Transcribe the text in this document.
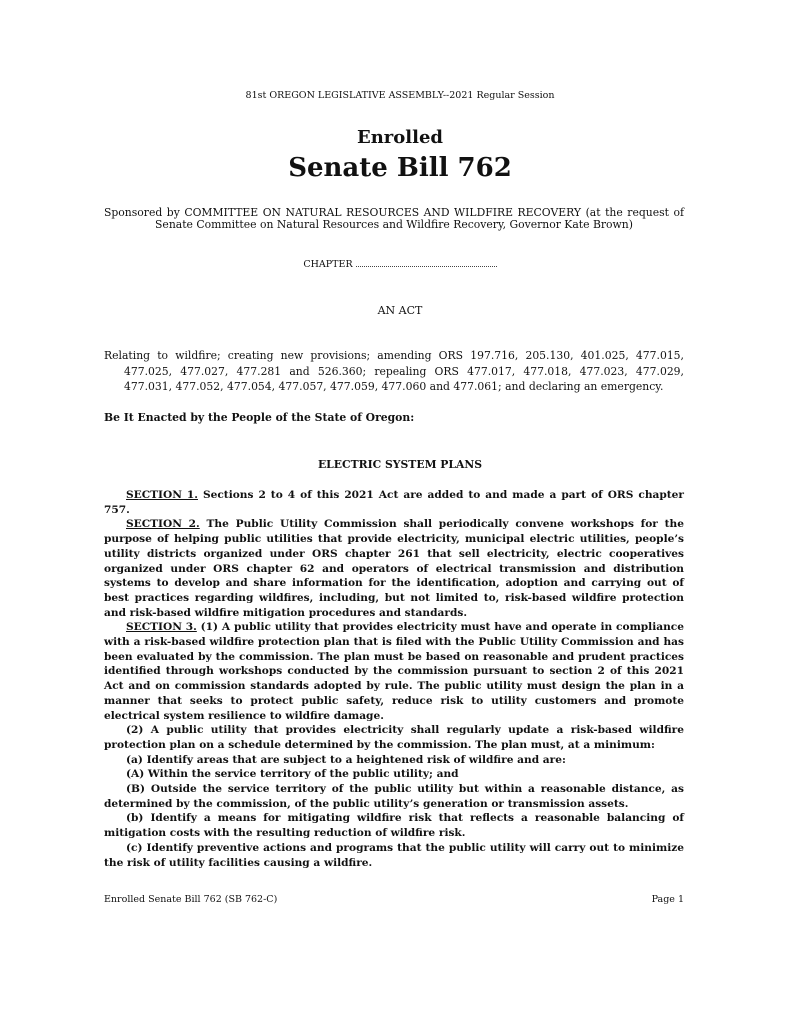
81st OREGON LEGISLATIVE ASSEMBLY--2021 Regular Session
Enrolled
Senate Bill 762
Sponsored by COMMITTEE ON NATURAL RESOURCES AND WILDFIRE RECOVERY (at the request of Senate Committee on Natural Resources and Wildfire Recovery, Governor Kate Brown)
CHAPTER
AN ACT
Relating to wildfire; creating new provisions; amending ORS 197.716, 205.130, 401.025, 477.015, 477.025, 477.027, 477.281 and 526.360; repealing ORS 477.017, 477.018, 477.023, 477.029, 477.031, 477.052, 477.054, 477.057, 477.059, 477.060 and 477.061; and declaring an emergency.
Be It Enacted by the People of the State of Oregon:
ELECTRIC SYSTEM PLANS

SECTION 1. Sections 2 to 4 of this 2021 Act are added to and made a part of ORS chapter 757.

SECTION 2. The Public Utility Commission shall periodically convene workshops for the purpose of helping public utilities that provide electricity, municipal electric utilities, people’s utility districts organized under ORS chapter 261 that sell electricity, electric cooperatives organized under ORS chapter 62 and operators of electrical transmission and distribution systems to develop and share information for the identification, adoption and carrying out of best practices regarding wildfires, including, but not limited to, risk-based wildfire protection and risk-based wildfire mitigation procedures and standards.

SECTION 3. (1) A public utility that provides electricity must have and operate in compliance with a risk-based wildfire protection plan that is filed with the Public Utility Commission and has been evaluated by the commission. The plan must be based on reasonable and prudent practices identified through workshops conducted by the commission pursuant to section 2 of this 2021 Act and on commission standards adopted by rule. The public utility must design the plan in a manner that seeks to protect public safety, reduce risk to utility customers and promote electrical system resilience to wildfire damage.

(2) A public utility that provides electricity shall regularly update a risk-based wildfire protection plan on a schedule determined by the commission. The plan must, at a minimum:

(a) Identify areas that are subject to a heightened risk of wildfire and are:

(A) Within the service territory of the public utility; and

(B) Outside the service territory of the public utility but within a reasonable distance, as determined by the commission, of the public utility’s generation or transmission assets.

(b) Identify a means for mitigating wildfire risk that reflects a reasonable balancing of mitigation costs with the resulting reduction of wildfire risk.

(c) Identify preventive actions and programs that the public utility will carry out to minimize the risk of utility facilities causing a wildfire.

Enrolled Senate Bill 762 (SB 762-C)	Page 1
